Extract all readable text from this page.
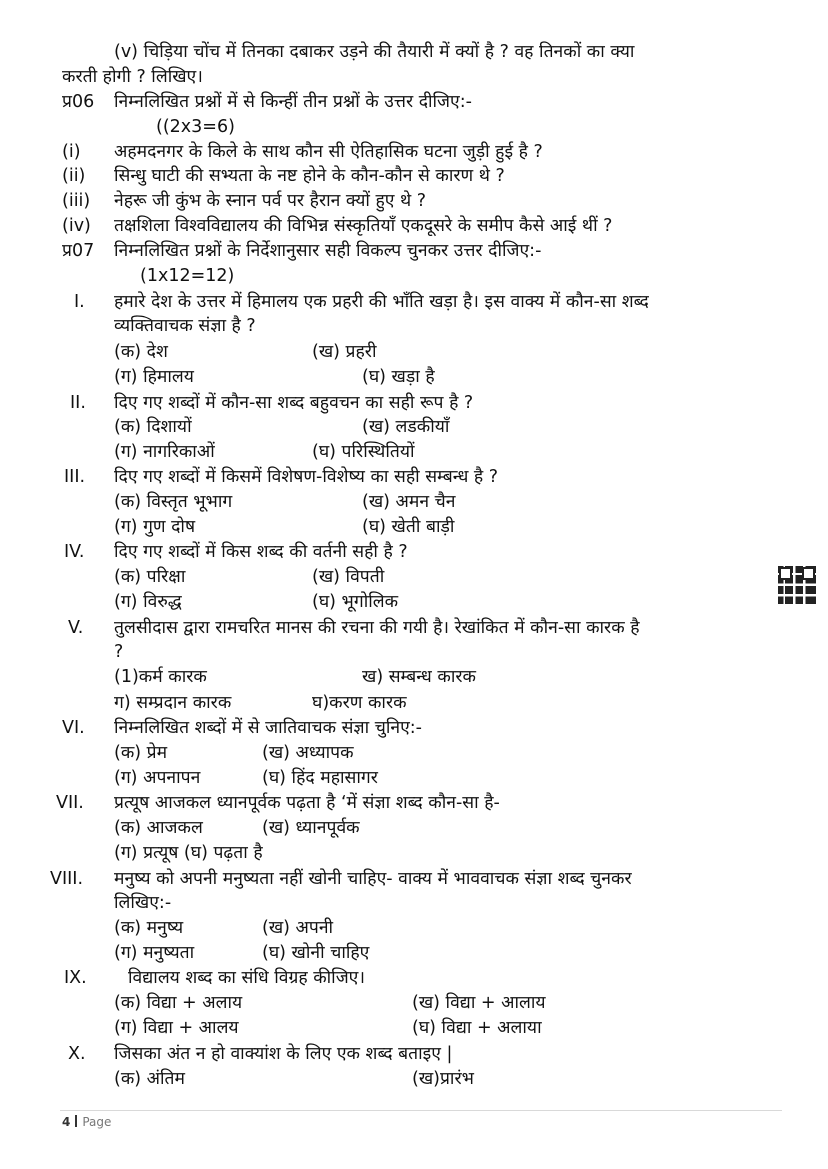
(v) चिड़िया चोंच में तिनका दबाकर उड़ने की तैयारी में क्यों है ? वह तिनकों का क्या
करती होगी ? लिखिए।
प्र06 निम्नलिखित प्रश्नों में से किन्हीं तीन प्रश्नों के उत्तर दीजिए:-
((2x3=6)
(i) अहमदनगर के किले के साथ कौन सी ऐतिहासिक घटना जुड़ी हुई है ?
(ii) सिन्धु घाटी की सभ्यता के नष्ट होने के कौन-कौन से कारण थे ?
(iii) नेहरू जी कुंभ के स्नान पर्व पर हैरान क्यों हुए थे ?
(iv) तक्षशिला विश्वविद्यालय की विभिन्न संस्कृतियाँ एकदूसरे के समीप कैसे आई थीं ?
प्र07 निम्नलिखित प्रश्नों के निर्देशानुसार सही विकल्प चुनकर उत्तर दीजिए:-
(1x12=12)
हमारे देश के उत्तर में हिमालय एक प्रहरी की भाँति खड़ा है। इस वाक्य में कौन-सा शब्द
व्यक्तिवाचक संज्ञा है ?
(क) देश	(ख) प्रहरी
(ग) हिमालय	(घ) खड़ा है
दिए गए शब्दों में कौन-सा शब्द बहुवचन का सही रूप है ?
(क) दिशायों	(ख) लडकीयाँ
(ग) नागरिकाओं	(घ) परिस्थितियों
दिए गए शब्दों में किसमें विशेषण-विशेष्य का सही सम्बन्ध है ?
(क) विस्तृत भूभाग	(ख) अमन चैन
(ग) गुण दोष	(घ) खेती बाड़ी
दिए गए शब्दों में किस शब्द की वर्तनी सही है ?
(क) परिक्षा	(ख) विपती
(ग) विरुद्ध	(घ) भूगोलिक
तुलसीदास द्वारा रामचरित मानस की रचना की गयी है। रेखांकित में कौन-सा कारक है
?
(1)कर्म कारक	ख) सम्बन्ध कारक
ग) सम्प्रदान कारक	घ)करण कारक
निम्नलिखित शब्दों में से जातिवाचक संज्ञा चुनिए:-
(क) प्रेम	(ख) अध्यापक
(ग) अपनापन	(घ) हिंद महासागर
प्रत्यूष आजकल ध्यानपूर्वक पढ़ता है ‘में संज्ञा शब्द कौन-सा है-
(क) आजकल	(ख) ध्यानपूर्वक
(ग) प्रत्यूष (घ) पढ़ता है
मनुष्य को अपनी मनुष्यता नहीं खोनी चाहिए- वाक्य में भाववाचक संज्ञा शब्द चुनकर
लिखिए:-
(क) मनुष्य	(ख) अपनी
(ग) मनुष्यता	(घ) खोनी चाहिए
विद्यालय शब्द का संधि विग्रह कीजिए।
(क) विद्या + अलाय	(ख) विद्या + आलाय
(ग) विद्या + आलय	(घ) विद्या + अलाया
जिसका अंत न हो वाक्यांश के लिए एक शब्द बताइए |
(क) अंतिम	(ख)प्रारंभ
I.
II.
III.
IV.
V.
VI.
VII.
VIII.
IX.
X.
4 Page
